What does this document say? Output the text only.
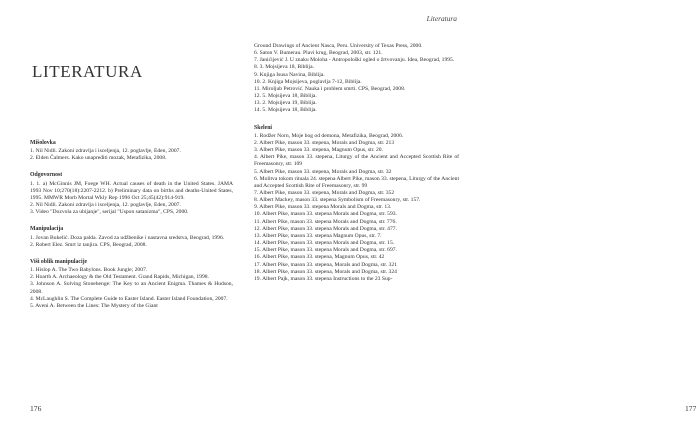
LITERATURA
Mišolovka
1. Nil Nidli. Zakoni zdravlja i isceljenja, 12. poglavlje, Eden, 2007.
2. Elden Čalmers. Kako unapređiti mozak, Metafizika, 2008.
Odgovornost
1. 1. a) McGinnis JM, Foege WH. Actual causes of death in the United States. JAMA 1993 Nov 10;270(18):2207-2212. b) Preliminary data on births and deaths-United States, 1995. MMWR Morb Mortal Wkly Rep 1996 Oct 25;45(42):914-919.
2. Nil Nidli. Zakoni zdravlja i isceljenja, 12. poglavlje, Eden, 2007.
3. Video "Dozvola za ubijanje", serijal "Uspon satanizma", CPS, 2000.
Manipulacija
1. Jovan Bukelić. Doza palda. Zavod za udžbenike i nastavna sredstva, Beograd, 1996.
2. Robert Elez. Smrt iz tanjira. CPS, Beograd, 2008.
Viši oblik manipulacije
1. Hislop A. The Two Babylons. Book Jungle; 2007.
2. Hoarth A. Archaeology & the Old Testament. Grand Rapids, Michigan, 1998.
3. Johnson A. Solving Stonehenge: The Key to an Ancient Enigma. Thames & Hudson, 2008.
4. McLaughlin S. The Complete Guide to Easter Island. Easter Island Foundation, 2007.
5. Aveni A. Between the Lines: The Mystery of the Giant
176
Literatura
177
Ground Drawings of Ancient Nasca, Peru. University of Texas Press, 2000.
6. Saton V. Bumerau. Plavi krug, Beograd, 2003, str. 121.
7. Janićijević J. U znaku Moloha - Antropološki ogled o žrtvovanju. Idea, Beograd, 1995.
8. 3. Mojsijeva 18, Biblija.
9. Knjiga Isusa Navina, Biblija.
10. 2. Knjiga Mojsijeva, poglavlja 7-12, Biblija.
11. Miroljub Petrović. Nauka i problem smrti. CPS, Beograd, 2008.
12. 5. Mojsijeva 18, Biblija.
13. 2. Mojsijeva 19, Biblija.
14. 5. Mojsijeva 18, Biblija.
Skeleni
1. Rodžer Norn, Moje bog od demona, Metafizika, Beograd, 2006.
2. Albert Pike, mason 33. stepena, Morals and Dogma, str. 213
3. Albert Pike, mason 33. stepena, Magnum Opus, str. 20.
4. Albert Pike, mason 33. stepena, Liturgy of the Ancient and Accepted Scottish Rite of Freemasonry, str. 109
5. Albert Pike, mason 33. stepena, Morals and Dogma, str. 32
6. Molitva tokom rituala 24. stepena Albert Pike, mason 33. stepena, Liturgy of the Ancient and Accepted Scottish Rite of Freemasonry, str. 99
7. Albert Pike, mason 33. stepena, Morals and Dogma, str. 352
8. Albert Mackey, mason 33. stepena Symbolism of Freemasonry, str. 157.
9. Albert Pike, mason 33. stepena Morals and Dogma, str. 13.
10. Albert Pike, mason 33. stepena Morals and Dogma, str. 593.
11. Albert Pike, mason 33. stepena Morals and Dogma, str. 776.
12. Albert Pike, mason 33. stepena Morals and Dogma, str. 477.
13. Albert Pike, mason 33. stepena Magnum Opus, str. 7.
14. Albert Pike, mason 33. stepena Morals and Dogma, str. 15.
15. Albert Pike, mason 33. stepena Morals and Dogma, str. 697.
16. Albert Pike, mason 33. stepena, Magnum Opus, str. 42
17. Albert Pike, mason 33. stepena, Morals and Dogma, str. 321
18. Albert Pike, mason 33. stepena, Morals and Dogma, str. 324
19. Albert Pajk, mason 33. stepena Instructions to the 23 Sup-
